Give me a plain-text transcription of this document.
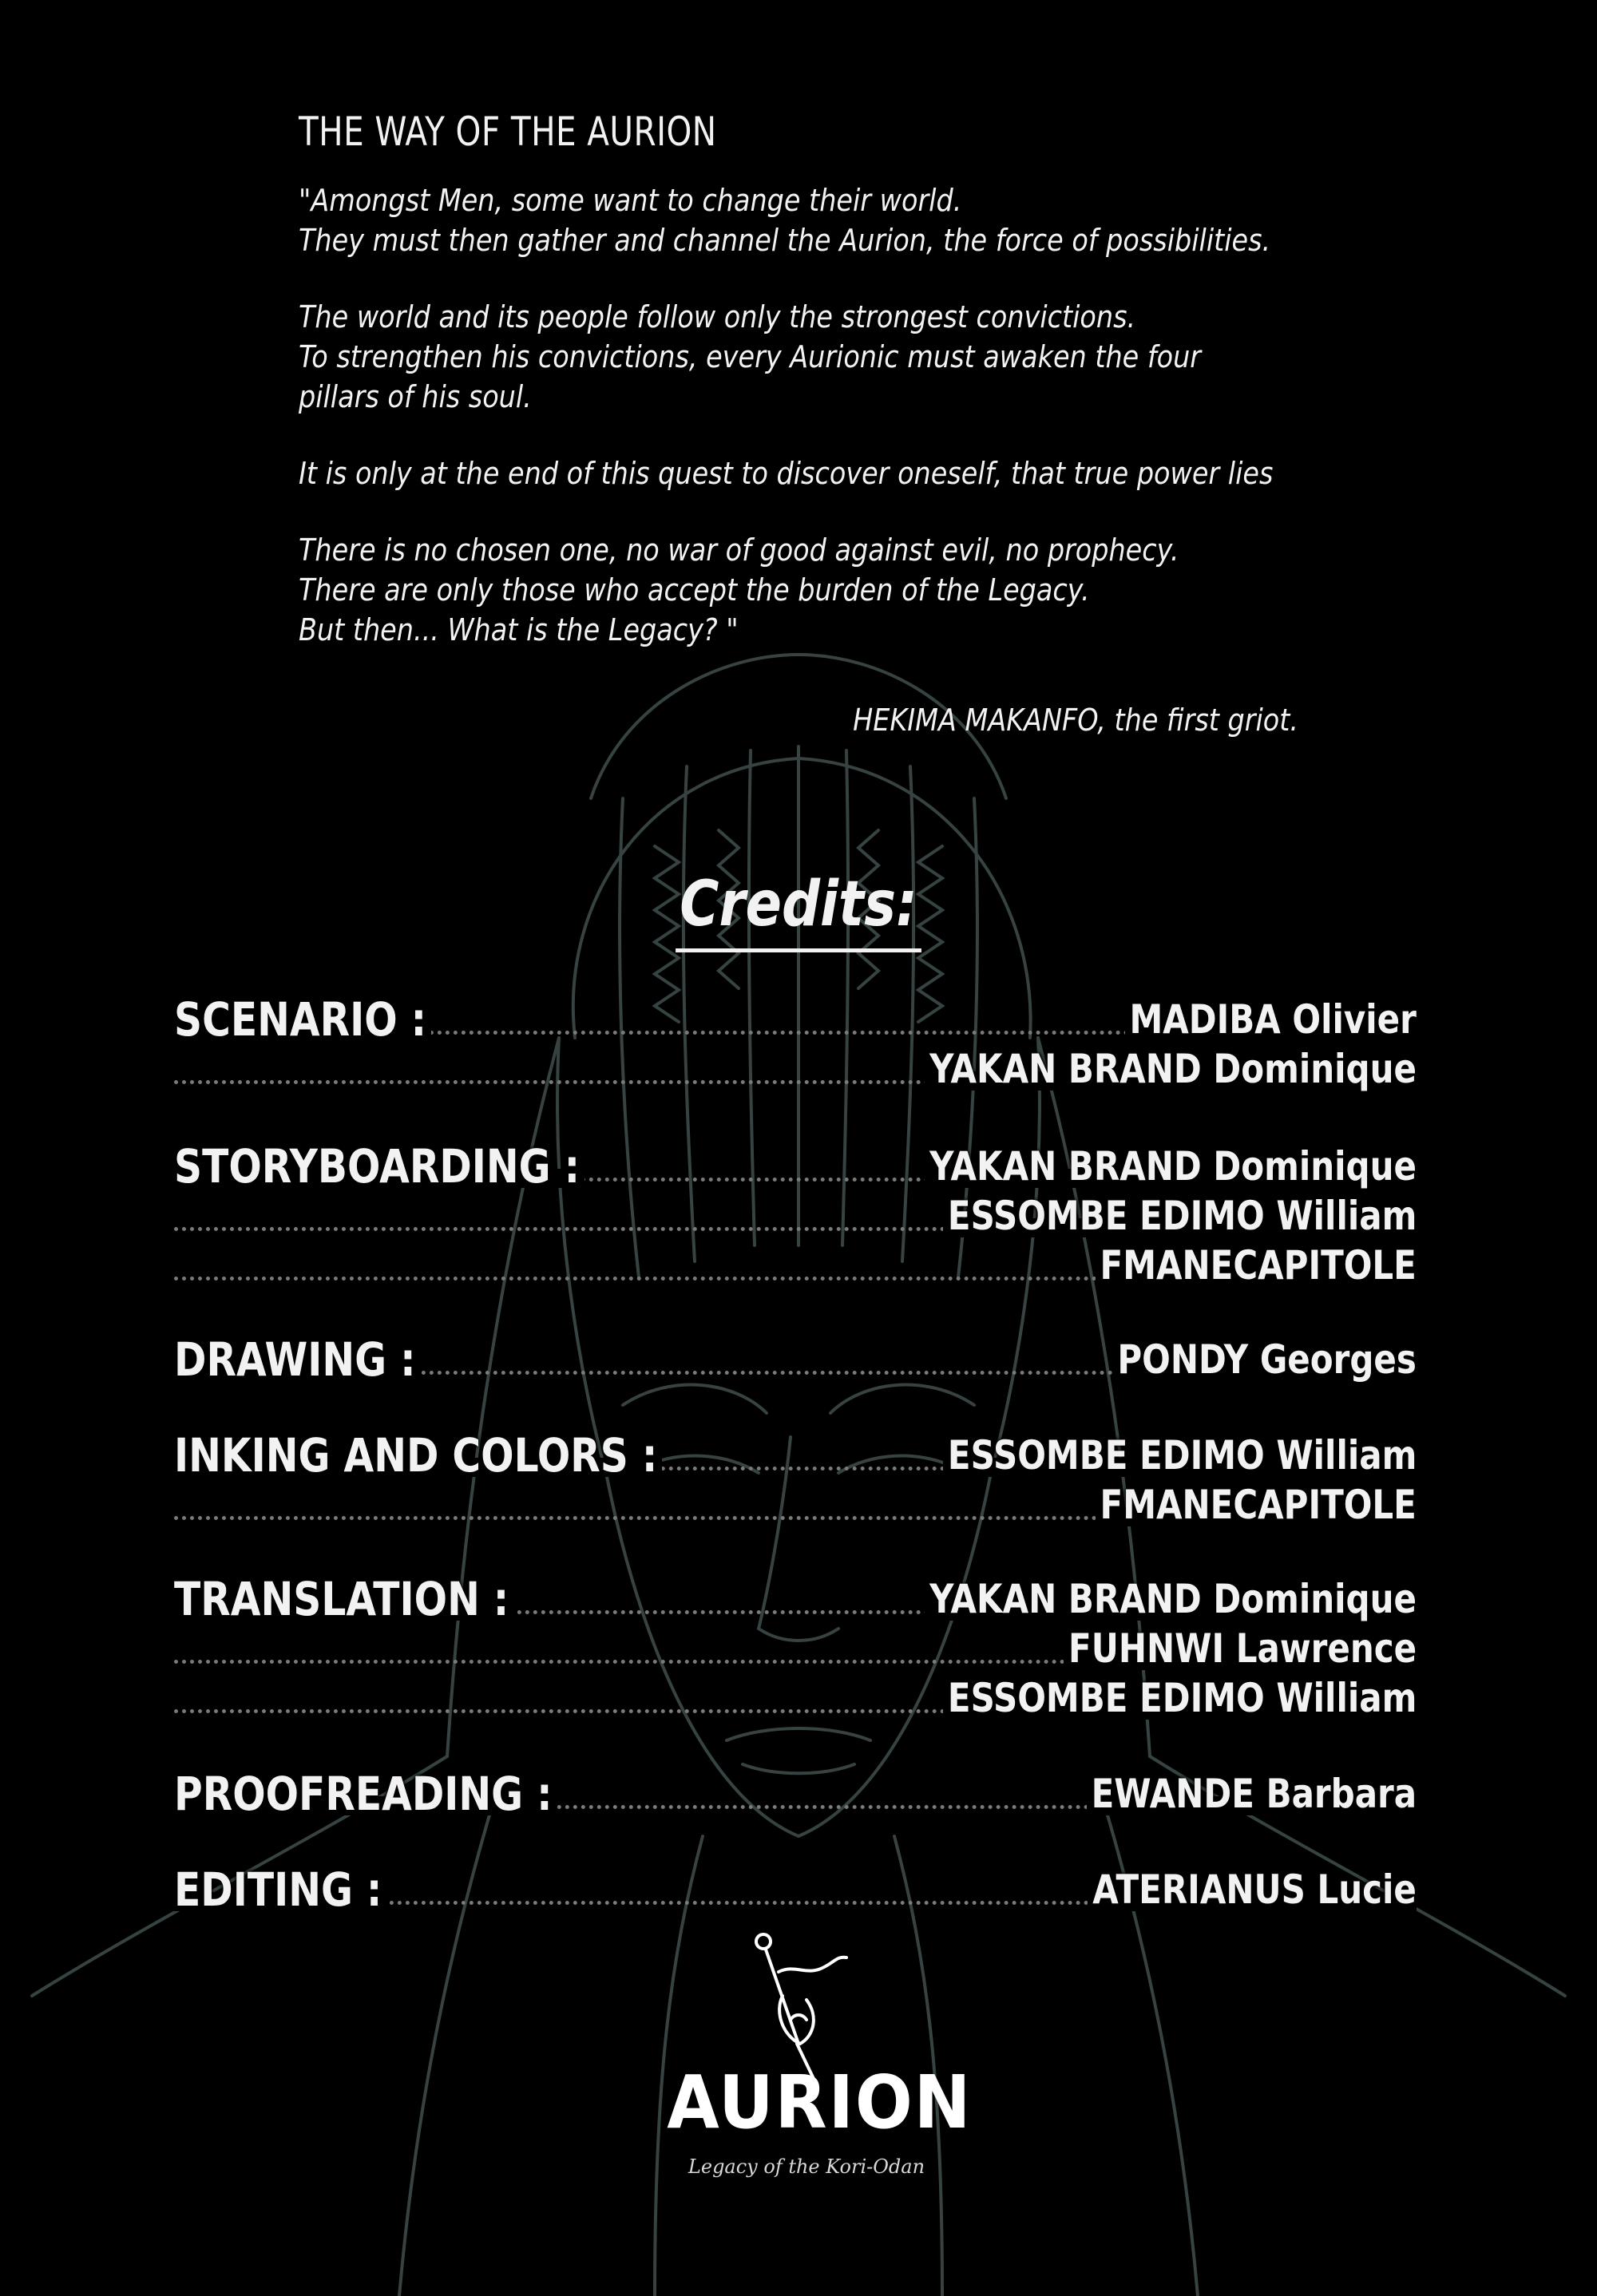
THE WAY OF THE AURION

"Amongst Men, some want to change their world.
They must then gather and channel the Aurion, the force of possibilities.

The world and its people follow only the strongest convictions.
To strengthen his convictions, every Aurionic must awaken the four
pillars of his soul.

It is only at the end of this quest to discover oneself, that true power lies

There is no chosen one, no war of good against evil, no prophecy.
There are only those who accept the burden of the Legacy.
But then... What is the Legacy? "

HEKIMA MAKANFO, the first griot.
Credits:
SCENARIO :	MADIBA Olivier
YAKAN BRAND Dominique
STORYBOARDING :	YAKAN BRAND Dominique
ESSOMBE EDIMO William
FMANECAPITOLE
DRAWING :	PONDY Georges
INKING AND COLORS :	ESSOMBE EDIMO William
FMANECAPITOLE
TRANSLATION :	YAKAN BRAND Dominique
FUHNWI Lawrence
ESSOMBE EDIMO William
PROOFREADING :	EWANDE Barbara
EDITING :	ATERIANUS Lucie
AURION
Legacy of the Kori-Odan
